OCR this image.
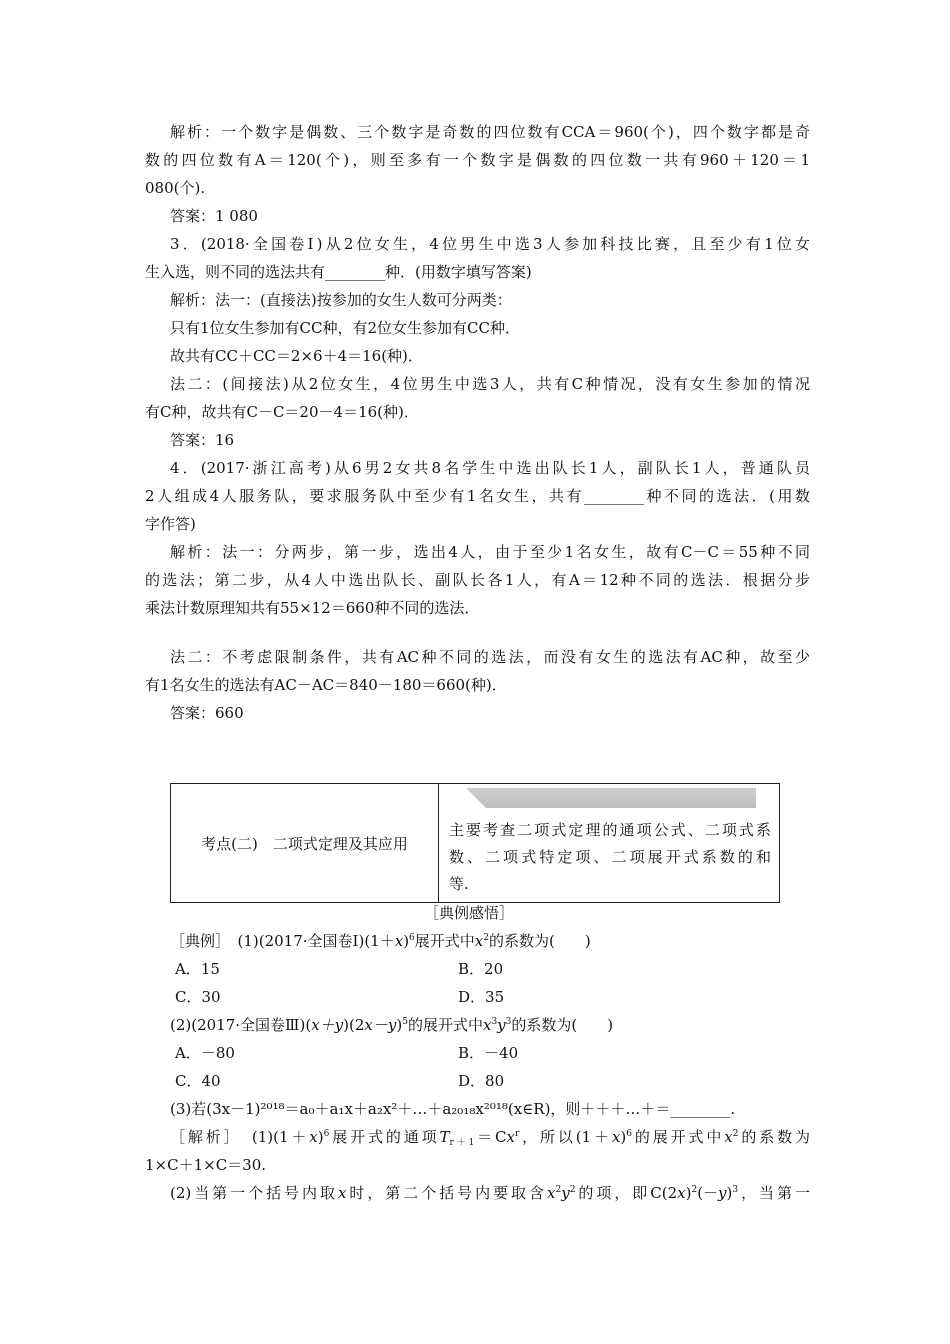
解析：一个数字是偶数、三个数字是奇数的四位数有CCA＝960(个)，四个数字都是奇
数的四位数有A＝120(个)，则至多有一个数字是偶数的四位数一共有960＋120＝1
080(个).
答案：1 080
3．(2018·全国卷Ⅰ)从2位女生，4位男生中选3人参加科技比赛，且至少有1位女
生入选，则不同的选法共有________种．(用数字填写答案)
解析：法一：(直接法)按参加的女生人数可分两类：
只有1位女生参加有CC种，有2位女生参加有CC种．
故共有CC＋CC＝2×6＋4＝16(种)．
法二：(间接法)从2位女生，4位男生中选3人，共有C种情况，没有女生参加的情况
有C种，故共有C－C＝20－4＝16(种)．
答案：16
4．(2017·浙江高考)从6男2女共8名学生中选出队长1人，副队长1人，普通队员
2人组成4人服务队，要求服务队中至少有1名女生，共有________种不同的选法．(用数
字作答)
解析：法一：分两步，第一步，选出4人，由于至少1名女生，故有C－C＝55种不同
的选法；第二步，从4人中选出队长、副队长各1人，有A＝12种不同的选法．根据分步
乘法计数原理知共有55×12＝660种不同的选法．
法二：不考虑限制条件，共有AC种不同的选法，而没有女生的选法有AC种，故至少
有1名女生的选法有AC－AC＝840－180＝660(种)．
答案：660
考点(二)　二项式定理及其应用
主要考查二项式定理的通项公式、二项式系
数、二项式特定项、二项展开式系数的和
等.
［典例感悟］
［典例］　(1)(2017·全国卷$Ⅰ)(1+x)^6$展开式中$x^2$的系数为(　　)
A．15	B．20
C．30	D．35
(2)(2017·全国卷$Ⅲ)(x+y)(2x-y)^5$的展开式中$x^3y^3$的系数为(　　)
A．－80	B．－40
C．40	D．80
(3)若(3x－1)²⁰¹⁸＝a₀＋a₁x＋a₂x²＋…＋a₂₀₁₈x²⁰¹⁸(x∈R)，则＋＋＋…＋＝________.
［解析］　$(1)(1+x)^6$展开式的通项$T_{r+1}=Cx^r$，所以$(1+x)^6$的展开式中$x^2$的系数为
1×C＋1×C＝30.
(2)当第一个括号内取x时，第二个括号内要取含$x^2y^2$的项，即$C(2x)^2(-y)^3$，当第一
